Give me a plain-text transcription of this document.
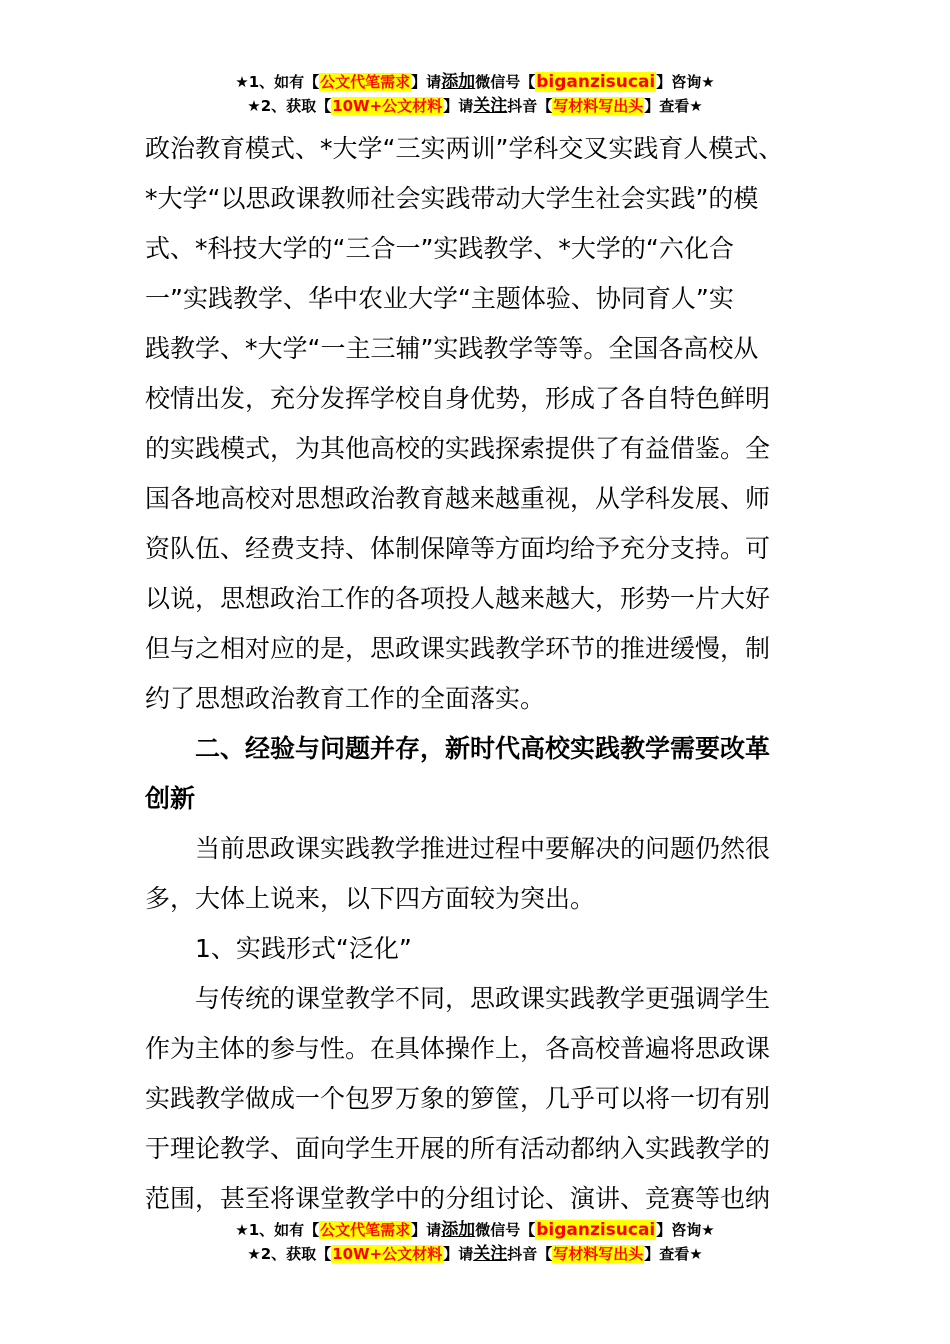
★1、如有【公文代笔需求】请添加微信号【biganzisucai】咨询★
★2、获取【10W+公文材料】请关注抖音【写材料写出头】查看★
政治教育模式、*大学“三实两训”学科交叉实践育人模式、
*大学“以思政课教师社会实践带动大学生社会实践”的模
式、*科技大学的“三合一”实践教学、*大学的“六化合
一”实践教学、华中农业大学“主题体验、协同育人”实
践教学、*大学“一主三辅”实践教学等等。全国各高校从
校情出发，充分发挥学校自身优势，形成了各自特色鲜明
的实践模式，为其他高校的实践探索提供了有益借鉴。全
国各地高校对思想政治教育越来越重视，从学科发展、师
资队伍、经费支持、体制保障等方面均给予充分支持。可
以说，思想政治工作的各项投人越来越大，形势一片大好
但与之相对应的是，思政课实践教学环节的推进缓慢，制
约了思想政治教育工作的全面落实。
二、经验与问题并存，新时代高校实践教学需要改革
创新
当前思政课实践教学推进过程中要解决的问题仍然很
多，大体上说来，以下四方面较为突出。
1、实践形式“泛化”
与传统的课堂教学不同，思政课实践教学更强调学生
作为主体的参与性。在具体操作上，各高校普遍将思政课
实践教学做成一个包罗万象的箩筐，几乎可以将一切有别
于理论教学、面向学生开展的所有活动都纳入实践教学的
范围，甚至将课堂教学中的分组讨论、演讲、竞赛等也纳
★1、如有【公文代笔需求】请添加微信号【biganzisucai】咨询★
★2、获取【10W+公文材料】请关注抖音【写材料写出头】查看★
